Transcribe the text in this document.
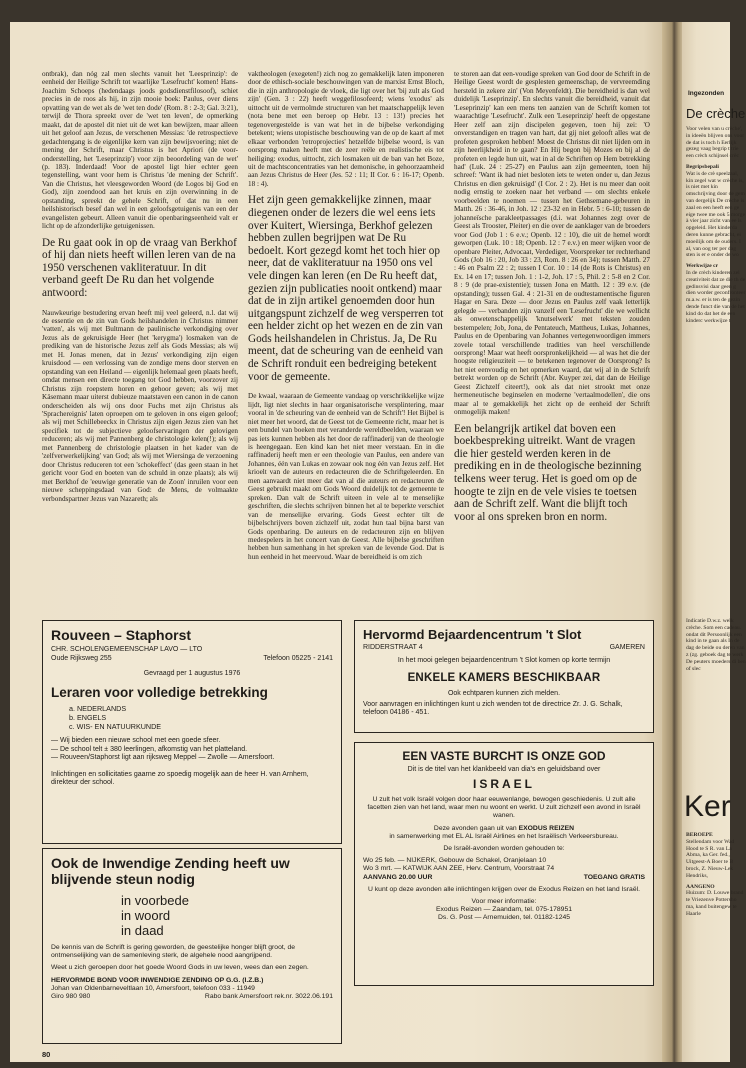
ontbrak), dan nóg zal men slechts vanuit het 'Leesprinzip': de eenheid der Heilige Schrift tot waarlijke 'Lesefrucht' komen! Hans-Joachim Schoeps (hedendaags joods godsdienstfilosoof), schiet precies in de roos als hij, in zijn mooie boek: Paulus, over diens opvatting van de wet als de 'wet ten dode' (Rom. 8 : 2-3; Gal. 3:21), terwijl de Thora spreekt over de 'wet ten leven', de opmerking maakt, dat de apostel dit niet uit de wet kan bewijzen, maar alleen uit het geloof aan Jezus, de verschenen Messias: 'de retrospectieve gedachtengang is de eigenlijke kern van zijn bewijsvoering; niet de mening der Schrift, maar Christus is het Apriori (de voor-onderstelling, het 'Leseprinzip') voor zijn beoordeling van de wet' (p. 183). Inderdaad! Voor de apostel ligt hier echter geen tegenstelling, want voor hem is Christus 'de mening der Schrift'. Van die Christus, het vleesgeworden Woord (de Logos bij God en God), zijn zoendood aan het kruis en zijn overwinning in de opstanding, spreekt de gehele Schrift, of dat nu in een heilshistorisch besef dan wel in een geloofsgetuigenis van een der evangelisten gebeurt. Alleen vanuit die openbaringseenheid valt er licht op de afzonderlijke getuigenissen.

De Ru gaat ook in op de vraag van Berkhof of hij dan niets heeft willen leren van de na 1950 verschenen vakliteratuur. In dit verband geeft De Ru dan het volgende antwoord:

Nauwkeurige bestudering ervan heeft mij veel geleerd, n.l. dat wij de essentie en de zin van Gods heilshandelen in Christus nimmer 'vatten', als wij met Bultmann de paulinische verkondiging over Jezus als de gekruisigde Heer (het 'kerygma') losmaken van de prediking van de historische Jezus zelf als Gods Messias; als wij met H. Jonas menen, dat in Jezus' verkondiging zijn eigen kruisdood — een verlossing van de zondige mens door sterven en opstanding van een Heiland — eigenlijk helemaal geen plaats heeft, omdat mensen een directe toegang tot God hebben, voorzover zij Christus zijn roepstem horen en gehoor geven; als wij met Käsemann maar uiterst dubieuze maatstaven een canon in de canon onderscheiden als wij ons door Fuchs met zijn Christus als 'Sprachereignis' laten oproepen om te geloven in ons eigen geloof; als wij met Schillebeeckx in Christus zijn eigen Jezus zien van het specifiek tot de subjectieve geloofservaringen der gelovigen reduceren; als wij met Pannenberg de christologie kelen(!); als wij met Pannenberg de christologie plaatsen in het kader van de 'zelfverwerkelijking' van God; als wij met Wiersinga de verzoening door Christus reduceren tot een 'schokeffect' (das geen staan in het gericht voor God en boeten van de schuld in onze plaats); als wij met Berkhof de 'eeuwige generatie van de Zoon' inruilen voor een nieuwe scheppingsdaad van God: de Mens, de volmaakte verbondspartner Jezus van Nazareth; als

vaktheologen (exegeten!) zich nog zo gemakkelijk laten imponeren door de ethisch-sociale beschouwingen van de marxist Ernst Bloch, die in zijn anthropologie de vloek, die ligt over het 'bij zult als God zijn' (Gen. 3 : 22) heeft weggefilosofeerd; wiens 'exodus' als uittocht uit de vermolmde structuren van het maatschappelijk leven (nota bene met een beroep op Hebr. 13 : 13!) precies het tegenovergestelde is van wat het in de bijbelse verkondiging betekent; wiens utopistische beschouwing van de op de kaart af met elkaar verbonden 'retroprojecties' hetzelfde bijbelse woord, is van oorsprong maken heeft met de zeer reële en realistische eis tot heiliging: exodus, uittocht, zich losmaken uit de ban van het Boze, uit de machtsconcentraties van het demonische, in gehoorzaamheid aan Jezus Christus de Heer (Jes. 52 : 11; II Cor. 6 : 16-17; Openb. 18 : 4).

Het zijn geen gemakkelijke zinnen, maar diegenen onder de lezers die wel eens iets over Kuitert, Wiersinga, Berkhof gelezen hebben zullen begrijpen wat De Ru bedoelt. Kort gezegd komt het toch hier op neer, dat de vakliteratuur na 1950 ons vel vele dingen kan leren (en De Ru heeft dat, gezien zijn publicaties nooit ontkend) maar dat de in zijn artikel genoemden door hun uitgangspunt zichzelf de weg versperren tot een helder zicht op het wezen en de zin van Gods heilshandelen in Christus. Ja, De Ru meent, dat de scheuring van de eenheid van de Schrift ronduit een bedreiging betekent voor de gemeente.

De kwaal, waaraan de Gemeente vandaag op verschrikkelijke wijze lijdt, ligt niet slechts in haar organisatorische versplintering, maar vooral in 'de scheuring van de eenheid van de Schrift'! Het Bijbel is niet meer het woord, dat de Geest tot de Gemeente richt, maar het is een bundel van boeken met veranderde wereldbeelden, waaraan we pas iets kunnen hebben als het door de raffinaderij van de theologie is heengegaan. Een kind kan het niet meer verstaan. En in die raffinaderij heeft men er een theologie van Paulus, een andere van Johannes, één van Lukas en zowaar ook nog één van Jezus zelf. Het krioelt van de auteurs en redacteuren die de Schriftgeleerden. En men aanvaardt niet meer dat van al die auteurs en redacteuren de Geest gebruikt maakt om Gods Woord duidelijk tot de gemeente te spreken. Dan valt de Schrift uiteen in vele al te menselijke geschriften, die slechts schrijven binnen het al te beperkte verschiet van de menselijke ervaring. Gods Geest echter tilt de bijbelschrijvers boven zichzelf uit, zodat hun taal bijna barst van Gods openbaring. De auteurs en de redacteuren zijn en blijven medespelers in het concert van de Geest. Alle bijbelse geschriften hebben hun samenhang in het spreken van de levende God. Dat is hun eenheid in het meervoud. Waar de bereidheid is om zich

te storen aan dat een-voudige spreken van God door de Schrift in de Heilige Geest wordt de gesplesten gemeenschap, de vervreemding hersteld in zekere zin' (Von Meyenfeldt). Die bereidheid is dan wel duidelijk 'Leseprinzip'. En slechts vanuit die bereidheid, vanuit dat 'Leseprinzip' kan een mens ten aanzien van de Schrift komen tot waarachtige 'Lesefrucht'. Zulk een 'Leseprinzip' heeft de opgestane Heer zelf aan zijn discipelen gegeven, toen hij zei: 'O onverstandigen en tragen van hart, dat gij niet gelooft alles wat de profeten gesproken hebben! Moest de Christus dit niet lijden om in zijn heerlijkheid in te gaan? En Hij begon bij Mozes en bij al de profeten en legde hun uit, wat in al de Schriften op Hem betrekking had' (Luk. 24 : 25-27) en Paulus aan zijn gemeenten, toen hij schreef: 'Want ik had niet besloten iets te weten onder u, dan Jezus Christus en dien gekruisigd' (I Cor. 2 : 2). Het is nu meer dan ooit nodig ernstig te zoeken naar het verband — om slechts enkele voorbeelden te noemen — tussen het Gethsemane-gebeuren in Matth. 26 : 36-46, in Joh. 12 : 23-32 en in Hebr. 5 : 6-10; tussen de johanneïsche parakleetpassages (d.i. wat Johannes zegt over de Geest als Trooster, Pleiter) en die over de aanklager van de broeders voor God (Job 1 : 6 e.v.; Openb. 12 : 10), die uit de hemel wordt geworpen (Luk. 10 : 18; Openb. 12 : 7 e.v.) en meer wijken voor de openbare Pleiter, Advocaat, Verdediger, Voorspreker ter rechterhand Gods (Job 16 : 20, Job 33 : 23, Rom. 8 : 26 en 34); tussen Matth. 27 : 46 en Psalm 22 : 2; tussen I Cor. 10 : 14 (de Rots is Christus) en Ex. 14 en 17; tussen Joh. 1 : 1-2, Joh. 17 : 5, Phil. 2 : 5-8 en 2 Cor. 8 : 9 (de prae-existentie); tussen Jona en Matth. 12 : 39 e.v. (de opstanding); tussen Gal. 4 : 21-31 en de oudtestamentische figuren Hagar en Sara. Deze — door Jezus en Paulus zelf vaak letterlijk gelegde — verbanden zijn vanzelf een 'Lesefrucht' die we wellicht als onwetenschappelijk 'knutselwerk' met teksten zouden bestempelen; Job, Jona, de Pentateuch, Mattheus, Lukas, Johannes, Paulus en de Openbaring van Johannes vertegenwoordigen immers zovele totaal verschillende tradities van heel verschillende oorsprong! Maar wat heeft oorspronkelijkheid — al was het die der hoogste religieuziteit — te betekenen tegenover de Oorsprong? Is het niet eenvoudig en het opmerken waard, dat wij al in de Schrift betrekt worden op de Schrift (Abr. Kuyper zei, dat dan de Heilige Geest Zichzelf citeert!), ook als dat niet strookt met onze hermeneutische beginselen en moderne 'vertaalmodellen', die ons maar al te gemakkelijk het zicht op de eenheid der Schrift onmogelijk maken!

Een belangrijk artikel dat boven een boekbespreking uitreikt. Want de vragen die hier gesteld werden keren in de prediking en in de theologische bezinning telkens weer terug. Het is goed om op de hoogte te zijn en de vele visies te toetsen aan de Schrift zelf. Want die blijft toch voor al ons spreken bron en norm.

Rouveen – Staphorst
CHR. SCHOLENGEMEENSCHAP LAVO — LTO
Oude Rijksweg 255	Telefoon 05225 - 2141
Gevraagd per 1 augustus 1976
Leraren voor volledige betrekking
a. NEDERLANDS
b. ENGELS
c. WIS- EN NATUURKUNDE
— Wij bieden een nieuwe school met een goede sfeer.
— De school telt ± 380 leerlingen, afkomstig van het platteland.
— Rouveen/Staphorst ligt aan rijksweg Meppel — Zwolle — Amersfoort.
Inlichtingen en sollicitaties gaarne zo spoedig mogelijk aan de heer H. van Arnhem, direkteur der school.
Ook de Inwendige Zending heeft uw blijvende steun nodig
in voorbede
in woord
in daad
De kennis van de Schrift is gering geworden, de geestelijke honger blijft groot, de ontmenselijking van de samenleving sterk, de algehele nood aangrijpend.
Weet u zich geroepen door het goede Woord Gods in uw leven, wees dan een zegen.
HERVORMDE BOND VOOR INWENDIGE ZENDING OP G.G. (I.Z.B.)
Johan van Oldenbarneveltlaan 10, Amersfoort, telefoon 033 - 11949
Giro 980 980	Rabo bank Amersfoort rek.nr. 3022.06.191
Hervormd Bejaardencentrum 't Slot
RIDDERSTRAAT 4	GAMEREN
In het mooi gelegen bejaardencentrum 't Slot komen op korte termijn
ENKELE KAMERS BESCHIKBAAR
Ook echtparen kunnen zich melden.
Voor aanvragen en inlichtingen kunt u zich wenden tot de directrice Zr. J. G. Schalk, telefoon 04186 - 451.
EEN VASTE BURCHT IS ONZE GOD
Dit is de titel van het klankbeeld van dia's en geluidsband over
ISRAEL
U zult het volk Israël volgen door haar eeuwenlange, bewogen geschiedenis. U zult alle facetten zien van het land, waar men nu woont en werkt. U zult zichzelf een avond in Israël wanen.
Deze avonden gaan uit van EXODUS REIZEN
in samenwerking met EL AL Israël Airlines en het Israëlisch Verkeersbureau.
De Israël-avonden worden gehouden te:
Wo 25 feb. — NIJKERK, Gebouw de Schakel, Oranjelaan 10
Wo 3 mrt. — KATWIJK AAN ZEE, Herv. Centrum, Voorstraat 74
AANVANG 20.00 UUR	TOEGANG GRATIS
U kunt op deze avonden alle inlichtingen krijgen over de Exodus Reizen en het land Israël.
Voor meer informatie:
Exodus Reizen — Zaandam, tel. 075-178951
Ds. G. Post — Arnemuiden, tel. 01182-1245
80
Ingezonden
De crèche
Voor velen van u crèche', in ideeën blijven ons voor de dat is toch h Eerlijk gezeg vaag begrip t trie een crèch schijnsel crèc
Begripsbepali
Wat is de crè speelzaal, kin zegel wat w crèche is, is niet met kin omschrijving door de gem van dergelijk De crèche is zaal en een heeft een ge eige twee me ook 5 morge à vier jaar zicht van ee is opgeleid. Het kinderda deren kunne gebracht, ei moeilijk om de ouders. I al, van oog ter per dag sten is er e onder de wo
Werkwijze cr
In de crèch kinderen zel creativiteit dat ze die th de gedinsvisi daar geen g dien worder geconfronteer m.a.w. er is ten de gezin dende funct die van de het kind do dat het de een kinderc werkwijze t
Indicatie D.w.z. welk crèche. Som een cadeau. ondat dit Persoonlijk een kind in te gaan als In de dag de beide ou deren van z (zg. geboek dag te werk De peuters moeders di ben of slec
Ker
BEROEPE
Stellendam voor Wad Hood te S R. van La Abma, ka Ger. fed., Uitgeest-A Boer te B brock, Z. Nieuw-Lek Hendriks,
AANGENO
Huizum: D. Louwe brand te Vriezenve Pottersho ma, kand buitengew te Haarle
